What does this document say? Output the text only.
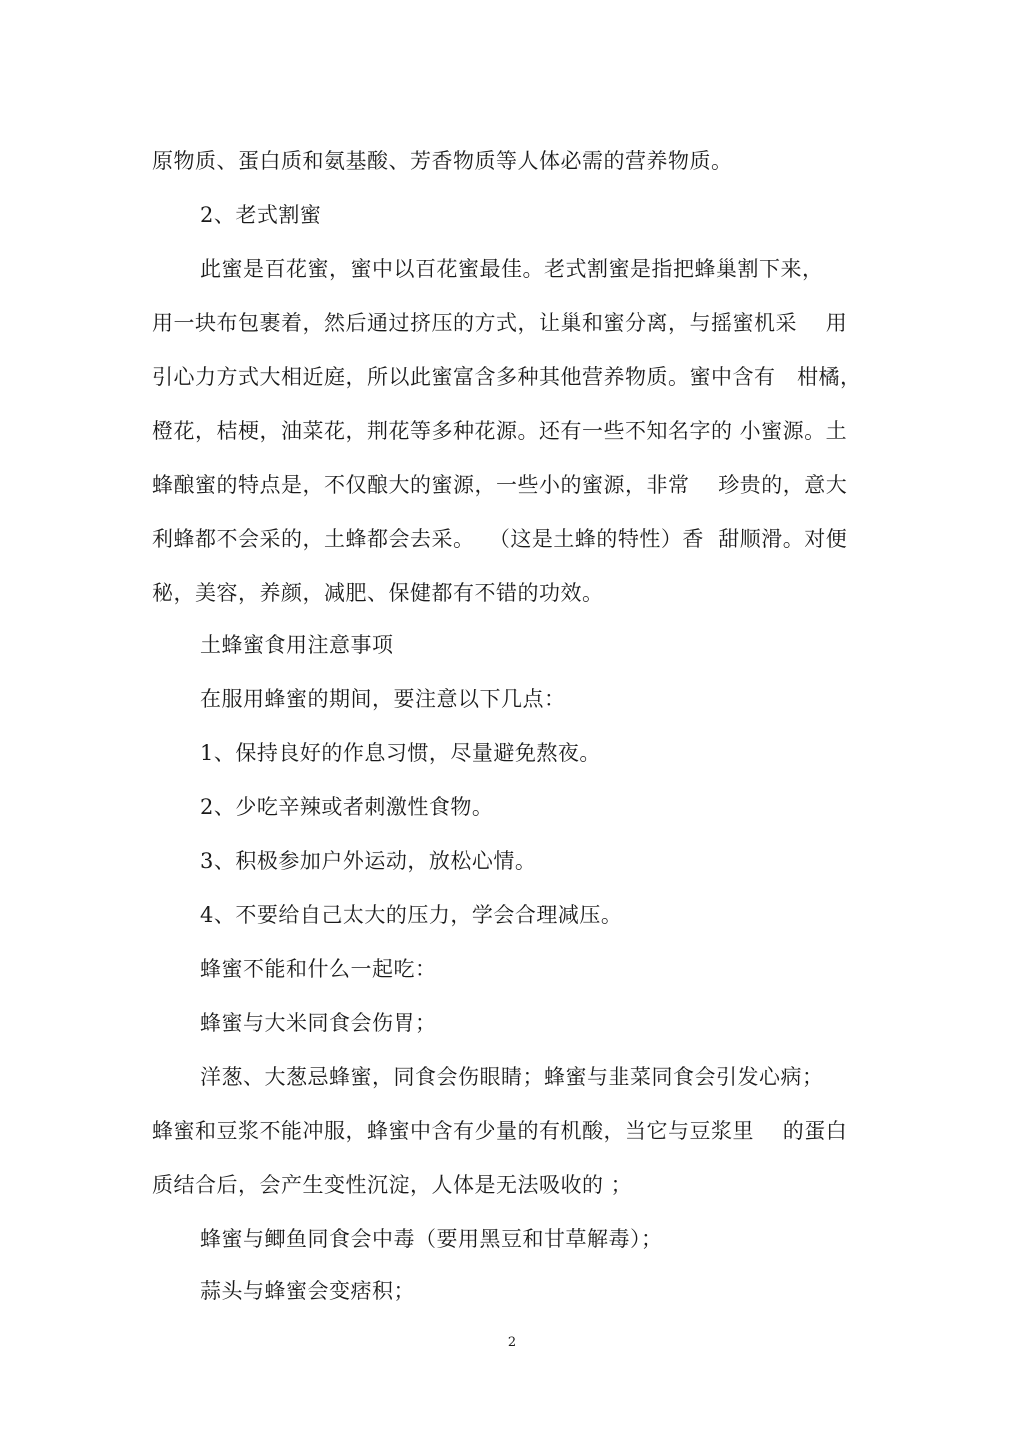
原物质、蛋白质和氨基酸、芳香物质等人体必需的营养物质。
2、老式割蜜
此蜜是百花蜜，蜜中以百花蜜最佳。老式割蜜是指把蜂巢割下来，
用一块布包裹着，然后通过挤压的方式，让巢和蜜分离，与摇蜜机采    用
引心力方式大相近庭，所以此蜜富含多种其他营养物质。蜜中含有   柑橘，
橙花，桔梗，油菜花，荆花等多种花源。还有一些不知名字的 小蜜源。土
蜂酿蜜的特点是，不仅酿大的蜜源，一些小的蜜源，非常    珍贵的，意大
利蜂都不会采的，土蜂都会去采。  （这是土蜂的特性）香  甜顺滑。对便
秘，美容，养颜，减肥、保健都有不错的功效。
土蜂蜜食用注意事项
在服用蜂蜜的期间，要注意以下几点：
1、保持良好的作息习惯，尽量避免熬夜。
2、少吃辛辣或者刺激性食物。
3、积极参加户外运动，放松心情。
4、不要给自己太大的压力，学会合理减压。
蜂蜜不能和什么一起吃：
蜂蜜与大米同食会伤胃；
洋葱、大葱忌蜂蜜，同食会伤眼睛；蜂蜜与韭菜同食会引发心病；
蜂蜜和豆浆不能冲服，蜂蜜中含有少量的有机酸，当它与豆浆里    的蛋白
质结合后，会产生变性沉淀，人体是无法吸收的 ；
蜂蜜与鲫鱼同食会中毒（要用黑豆和甘草解毒）；
蒜头与蜂蜜会变痞积；
2
